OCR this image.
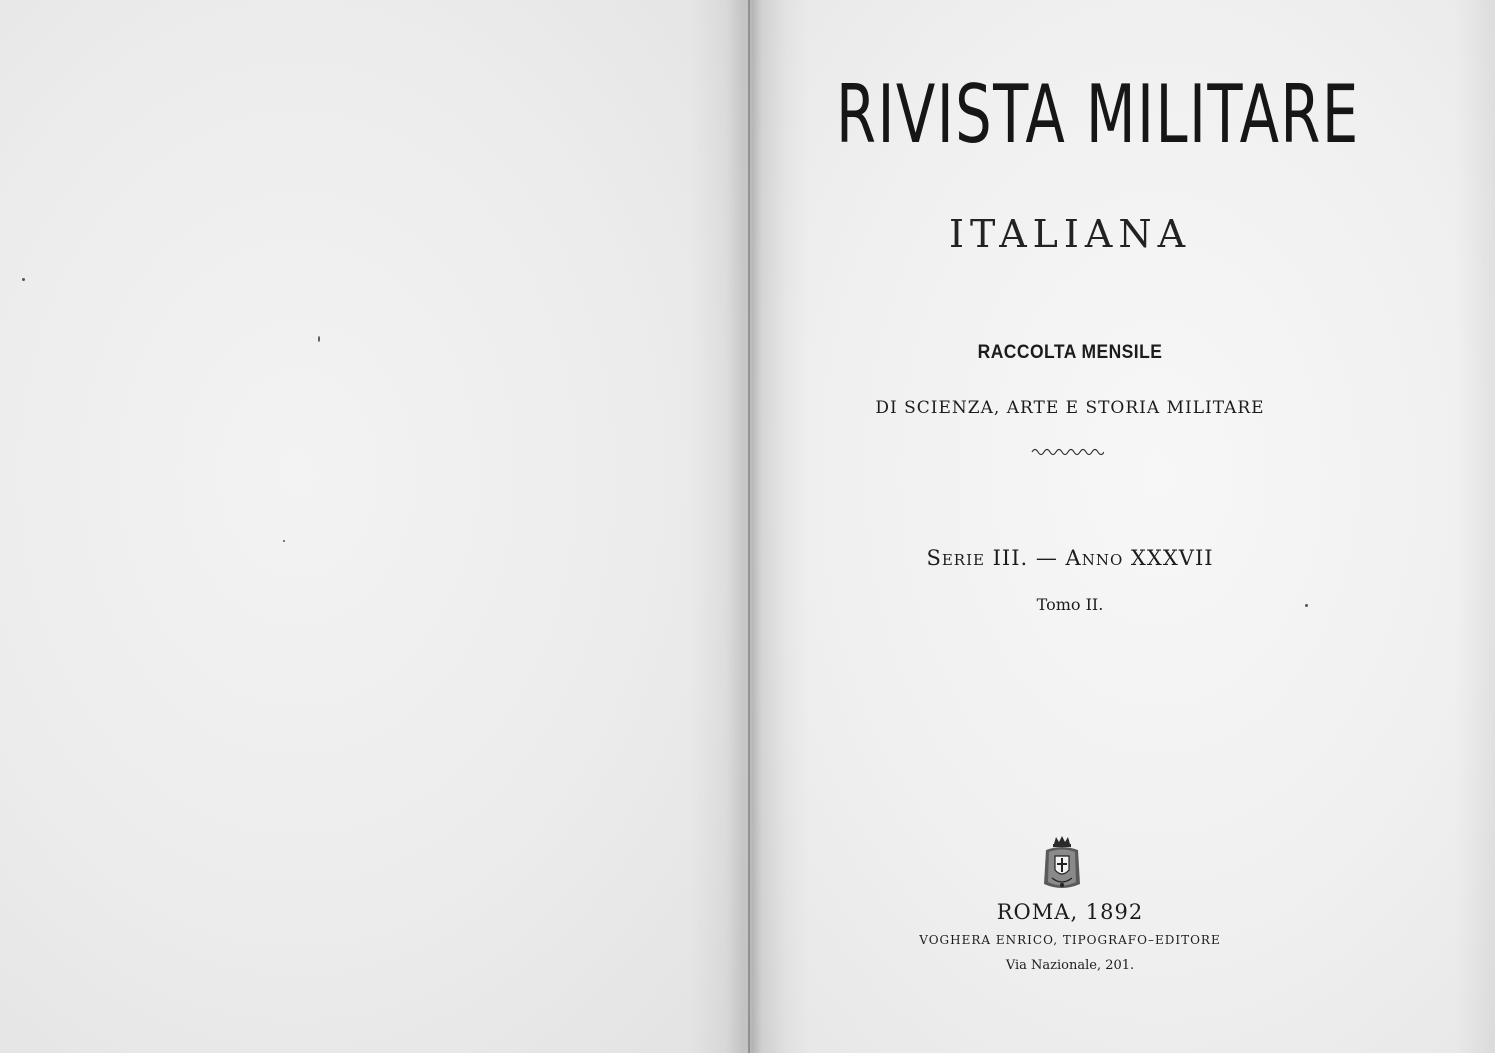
RIVISTA MILITARE
ITALIANA
RACCOLTA MENSILE
DI SCIENZA, ARTE E STORIA MILITARE
Serie III. — Anno XXXVII
Tomo II.
ROMA, 1892
VOGHERA ENRICO, TIPOGRAFO–EDITORE
Via Nazionale, 201.
